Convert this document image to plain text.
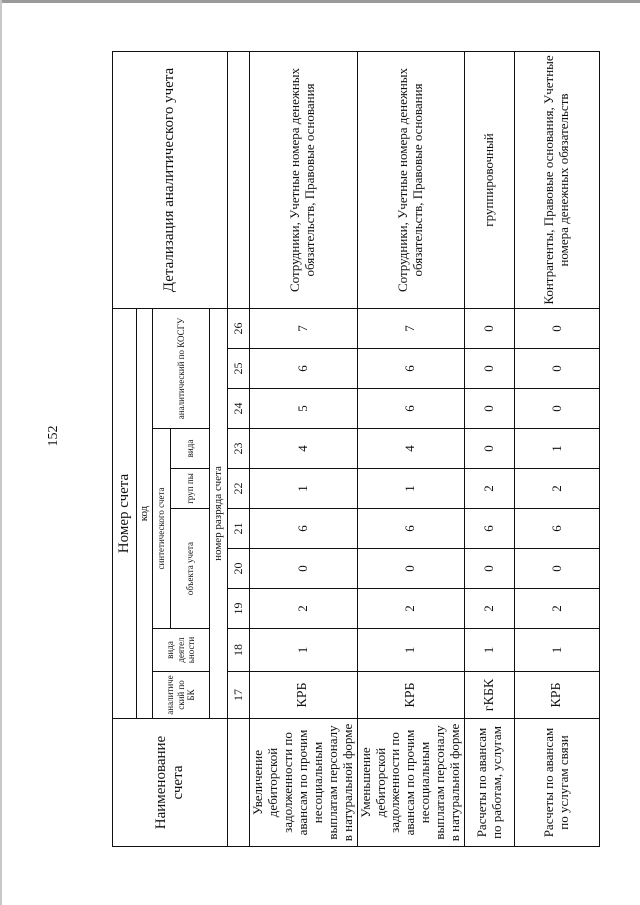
152
Наименование счета	Номер счета										Детализация аналитического учета
	код										
	аналитиче ский по БК	вида деятел ьности	синтетического счета					аналитический по КОСГУ			
			объекта учета			груп пы	вида				

	номер разряда счета										
	17	18	19	20	21	22	23	24	25	26	
Увеличение дебиторской задолженности по авансам по прочим несоциальным выплатам персоналу в натуральной форме	КРБ	1	2	0	6	1	4	5	6	7	Сотрудники, Учетные номера денежных обязательств, Правовые основания
Уменьшение дебиторской задолженности по авансам по прочим несоциальным выплатам персоналу в натуральной форме	КРБ	1	2	0	6	1	4	6	6	7	Сотрудники, Учетные номера денежных обязательств, Правовые основания
Расчеты по авансам по работам, услугам	гКБК	1	2	0	6	2	0	0	0	0	группировочный
Расчеты по авансам по услугам связи	КРБ	1	2	0	6	2	1	0	0	0	Контрагенты, Правовые основания, Учетные номера денежных обязательств
